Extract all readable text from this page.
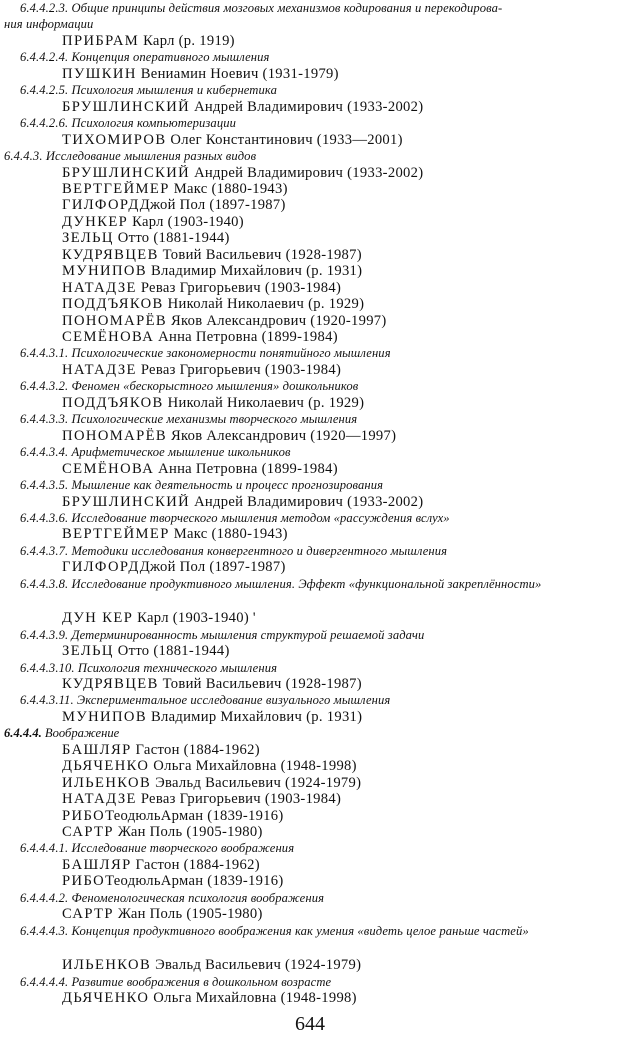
6.4.4.2.3. Общие принципы действия мозговых механизмов кодирования и перекодирова-
ния информации
ПРИБРАМ Карл (р. 1919)
6.4.4.2.4. Концепция оперативного мышления
ПУШКИН Вениамин Ноевич (1931-1979)
6.4.4.2.5. Психология мышления и кибернетика
БРУШЛИНСКИЙ Андрей Владимирович (1933-2002)
6.4.4.2.6. Психология компьютеризации
ТИХОМИРОВ Олег Константинович (1933—2001)
6.4.4.3. Исследование мышления разных видов
БРУШЛИНСКИЙ Андрей Владимирович (1933-2002)
ВЕРТГЕЙМЕР Макс (1880-1943)
ГИЛФОРДДжой Пол (1897-1987)
ДУНКЕР Карл (1903-1940)
ЗЕЛЬЦ Отто (1881-1944)
КУДРЯВЦЕВ Товий Васильевич (1928-1987)
МУНИПОВ Владимир Михайлович (р. 1931)
НАТАДЗЕ Реваз Григорьевич (1903-1984)
ПОДДЪЯКОВ Николай Николаевич (р. 1929)
ПОНОМАРЁВ Яков Александрович (1920-1997)
СЕМЁНОВА Анна Петровна (1899-1984)
6.4.4.3.1. Психологические закономерности понятийного мышления
НАТАДЗЕ Реваз Григорьевич (1903-1984)
6.4.4.3.2. Феномен «бескорыстного мышления» дошкольников
ПОДДЪЯКОВ Николай Николаевич (р. 1929)
6.4.4.3.3. Психологические механизмы творческого мышления
ПОНОМАРЁВ Яков Александрович (1920—1997)
6.4.4.3.4. Арифметическое мышление школьников
СЕМЁНОВА Анна Петровна (1899-1984)
6.4.4.3.5. Мышление как деятельность и процесс прогнозирования
БРУШЛИНСКИЙ Андрей Владимирович (1933-2002)
6.4.4.3.6. Исследование творческого мышления методом «рассуждения вслух»
ВЕРТГЕЙМЕР Макс (1880-1943)
6.4.4.3.7. Методики исследования конвергентного и дивергентного мышления
ГИЛФОРДДжой Пол (1897-1987)
6.4.4.3.8. Исследование продуктивного мышления. Эффект «функциональной закреплённости»
ДУН КЕР Карл (1903-1940) '
6.4.4.3.9. Детерминированность мышления структурой решаемой задачи
ЗЕЛЬЦ Отто (1881-1944)
6.4.4.3.10. Психология технического мышления
КУДРЯВЦЕВ Товий Васильевич (1928-1987)
6.4.4.3.11. Экспериментальное исследование визуального мышления
МУНИПОВ Владимир Михайлович (р. 1931)
6.4.4.4. Воображение
БАШЛЯР Гастон (1884-1962)
ДЬЯЧЕНКО Ольга Михайловна (1948-1998)
ИЛЬЕНКОВ Эвальд Васильевич (1924-1979)
НАТАДЗЕ Реваз Григорьевич (1903-1984)
РИБОТеодюльАрман (1839-1916)
САРТР Жан Поль (1905-1980)
6.4.4.4.1. Исследование творческого воображения
БАШЛЯР Гастон (1884-1962)
РИБОТеодюльАрман (1839-1916)
6.4.4.4.2. Феноменологическая психология воображения
САРТР Жан Поль (1905-1980)
6.4.4.4.3. Концепция продуктивного воображения как умения «видеть целое раньше частей»
ИЛЬЕНКОВ Эвальд Васильевич (1924-1979)
6.4.4.4.4. Развитие воображения в дошкольном возрасте
ДЬЯЧЕНКО Ольга Михайловна (1948-1998)
644
